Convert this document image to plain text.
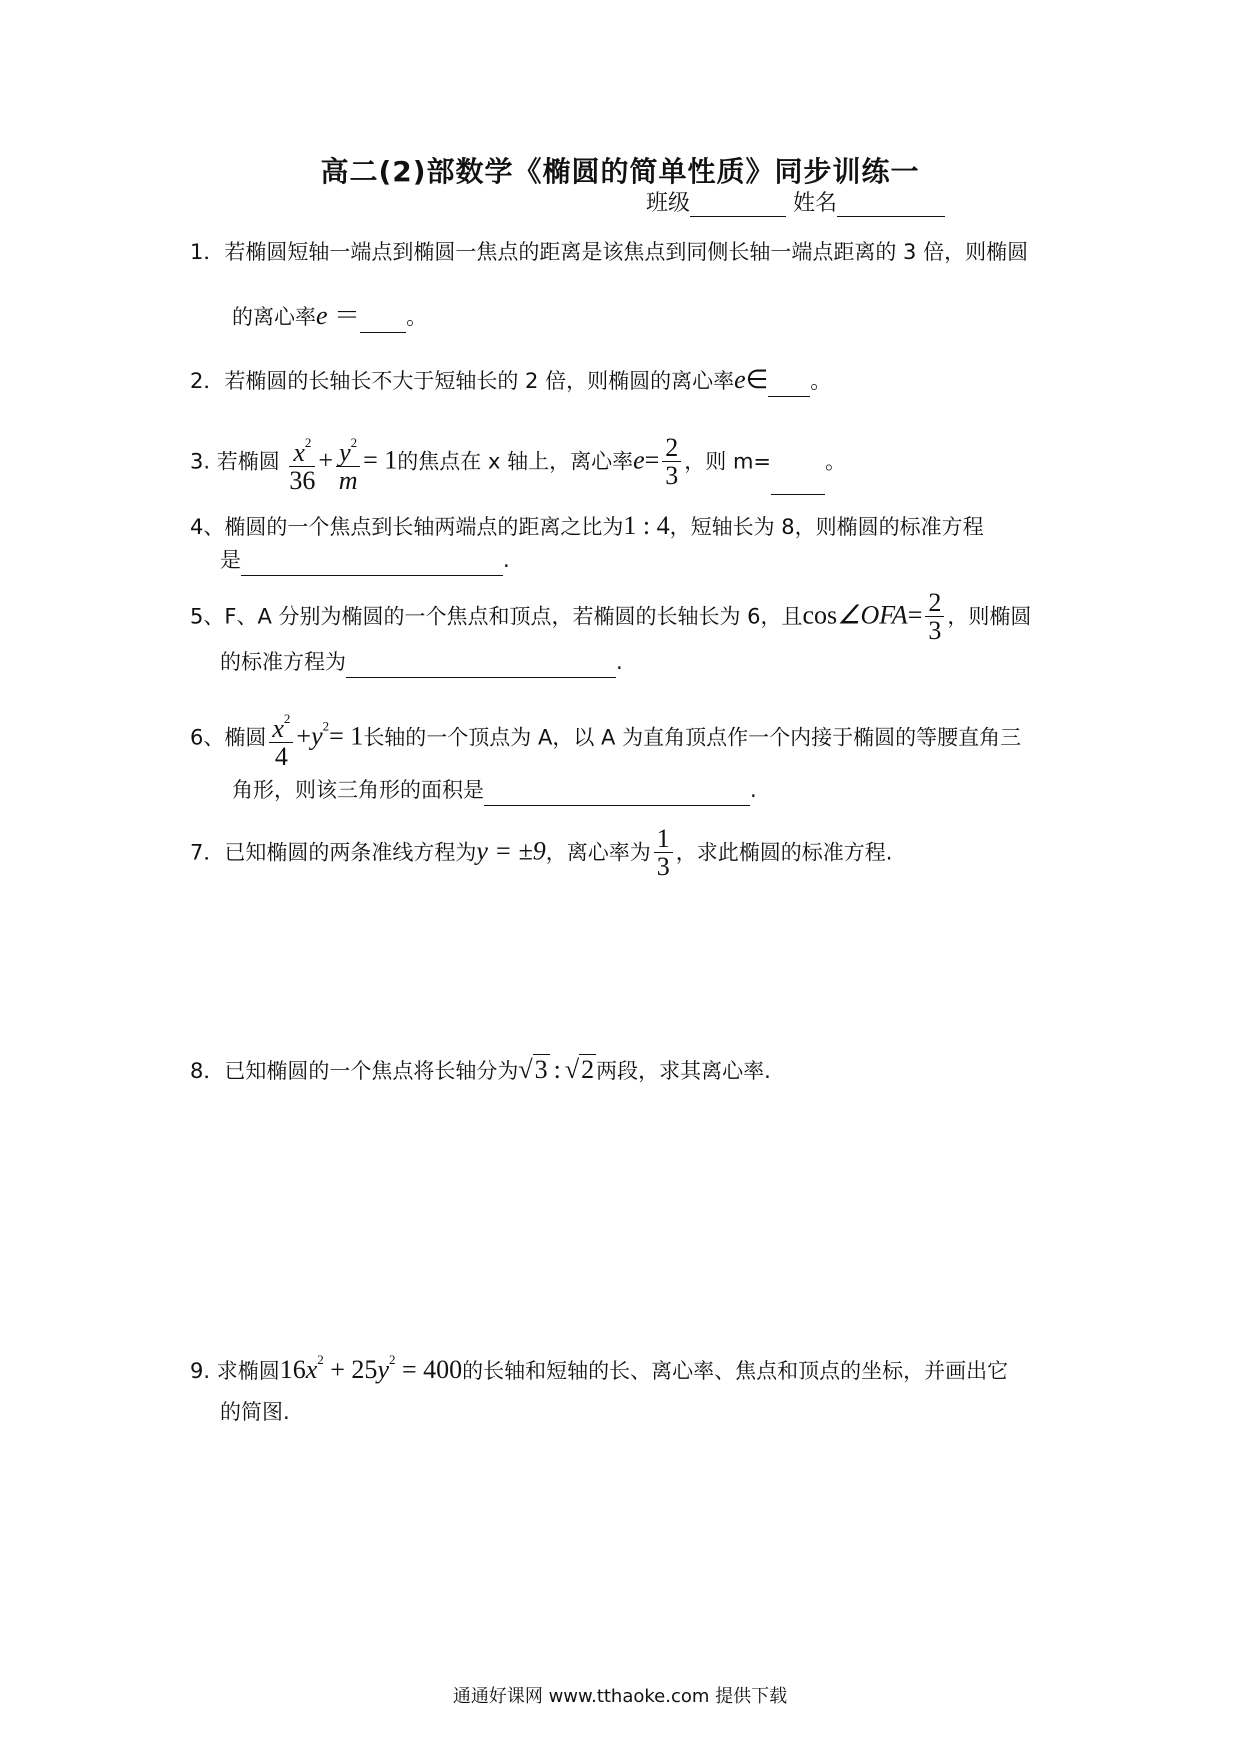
高二(2)部数学《椭圆的简单性质》同步训练一
班级	姓名
1．若椭圆短轴一端点到椭圆一焦点的距离是该焦点到同侧长轴一端点距离的 3 倍，则椭圆
的离心率e ＝ 。
2．若椭圆的长轴长不大于短轴长的 2 倍，则椭圆的离心率e∈ 。
3. 若椭圆 $\frac{x^2}{36} + \frac{y^2}{m} = 1$的焦点在 x 轴上，离心率$e= \frac{2}{3}$ ，则 m=	。
4、椭圆的一个焦点到长轴两端点的距离之比为1 : 4，短轴长为 8，则椭圆的标准方程
是	.
5、F、A 分别为椭圆的一个焦点和顶点，若椭圆的长轴长为 6，且cos∠OFA= $\frac{2}{3}$ ，则椭圆
的标准方程为	.
6、椭圆 $\frac{x^2}{4} +y^2= 1$长轴的一个顶点为 A，以 A 为直角顶点作一个内接于椭圆的等腰直角三
角形，则该三角形的面积是	.
7．已知椭圆的两条准线方程为y = ±9，离心率为 $\frac{1}{3}$ ，求此椭圆的标准方程.
8．已知椭圆的一个焦点将长轴分为√3 : √2两段，求其离心率.
9. 求椭圆$16x^2 + 25y^2 = 400$的长轴和短轴的长、离心率、焦点和顶点的坐标，并画出它
的简图.
通通好课网 www.tthaoke.com 提供下载
